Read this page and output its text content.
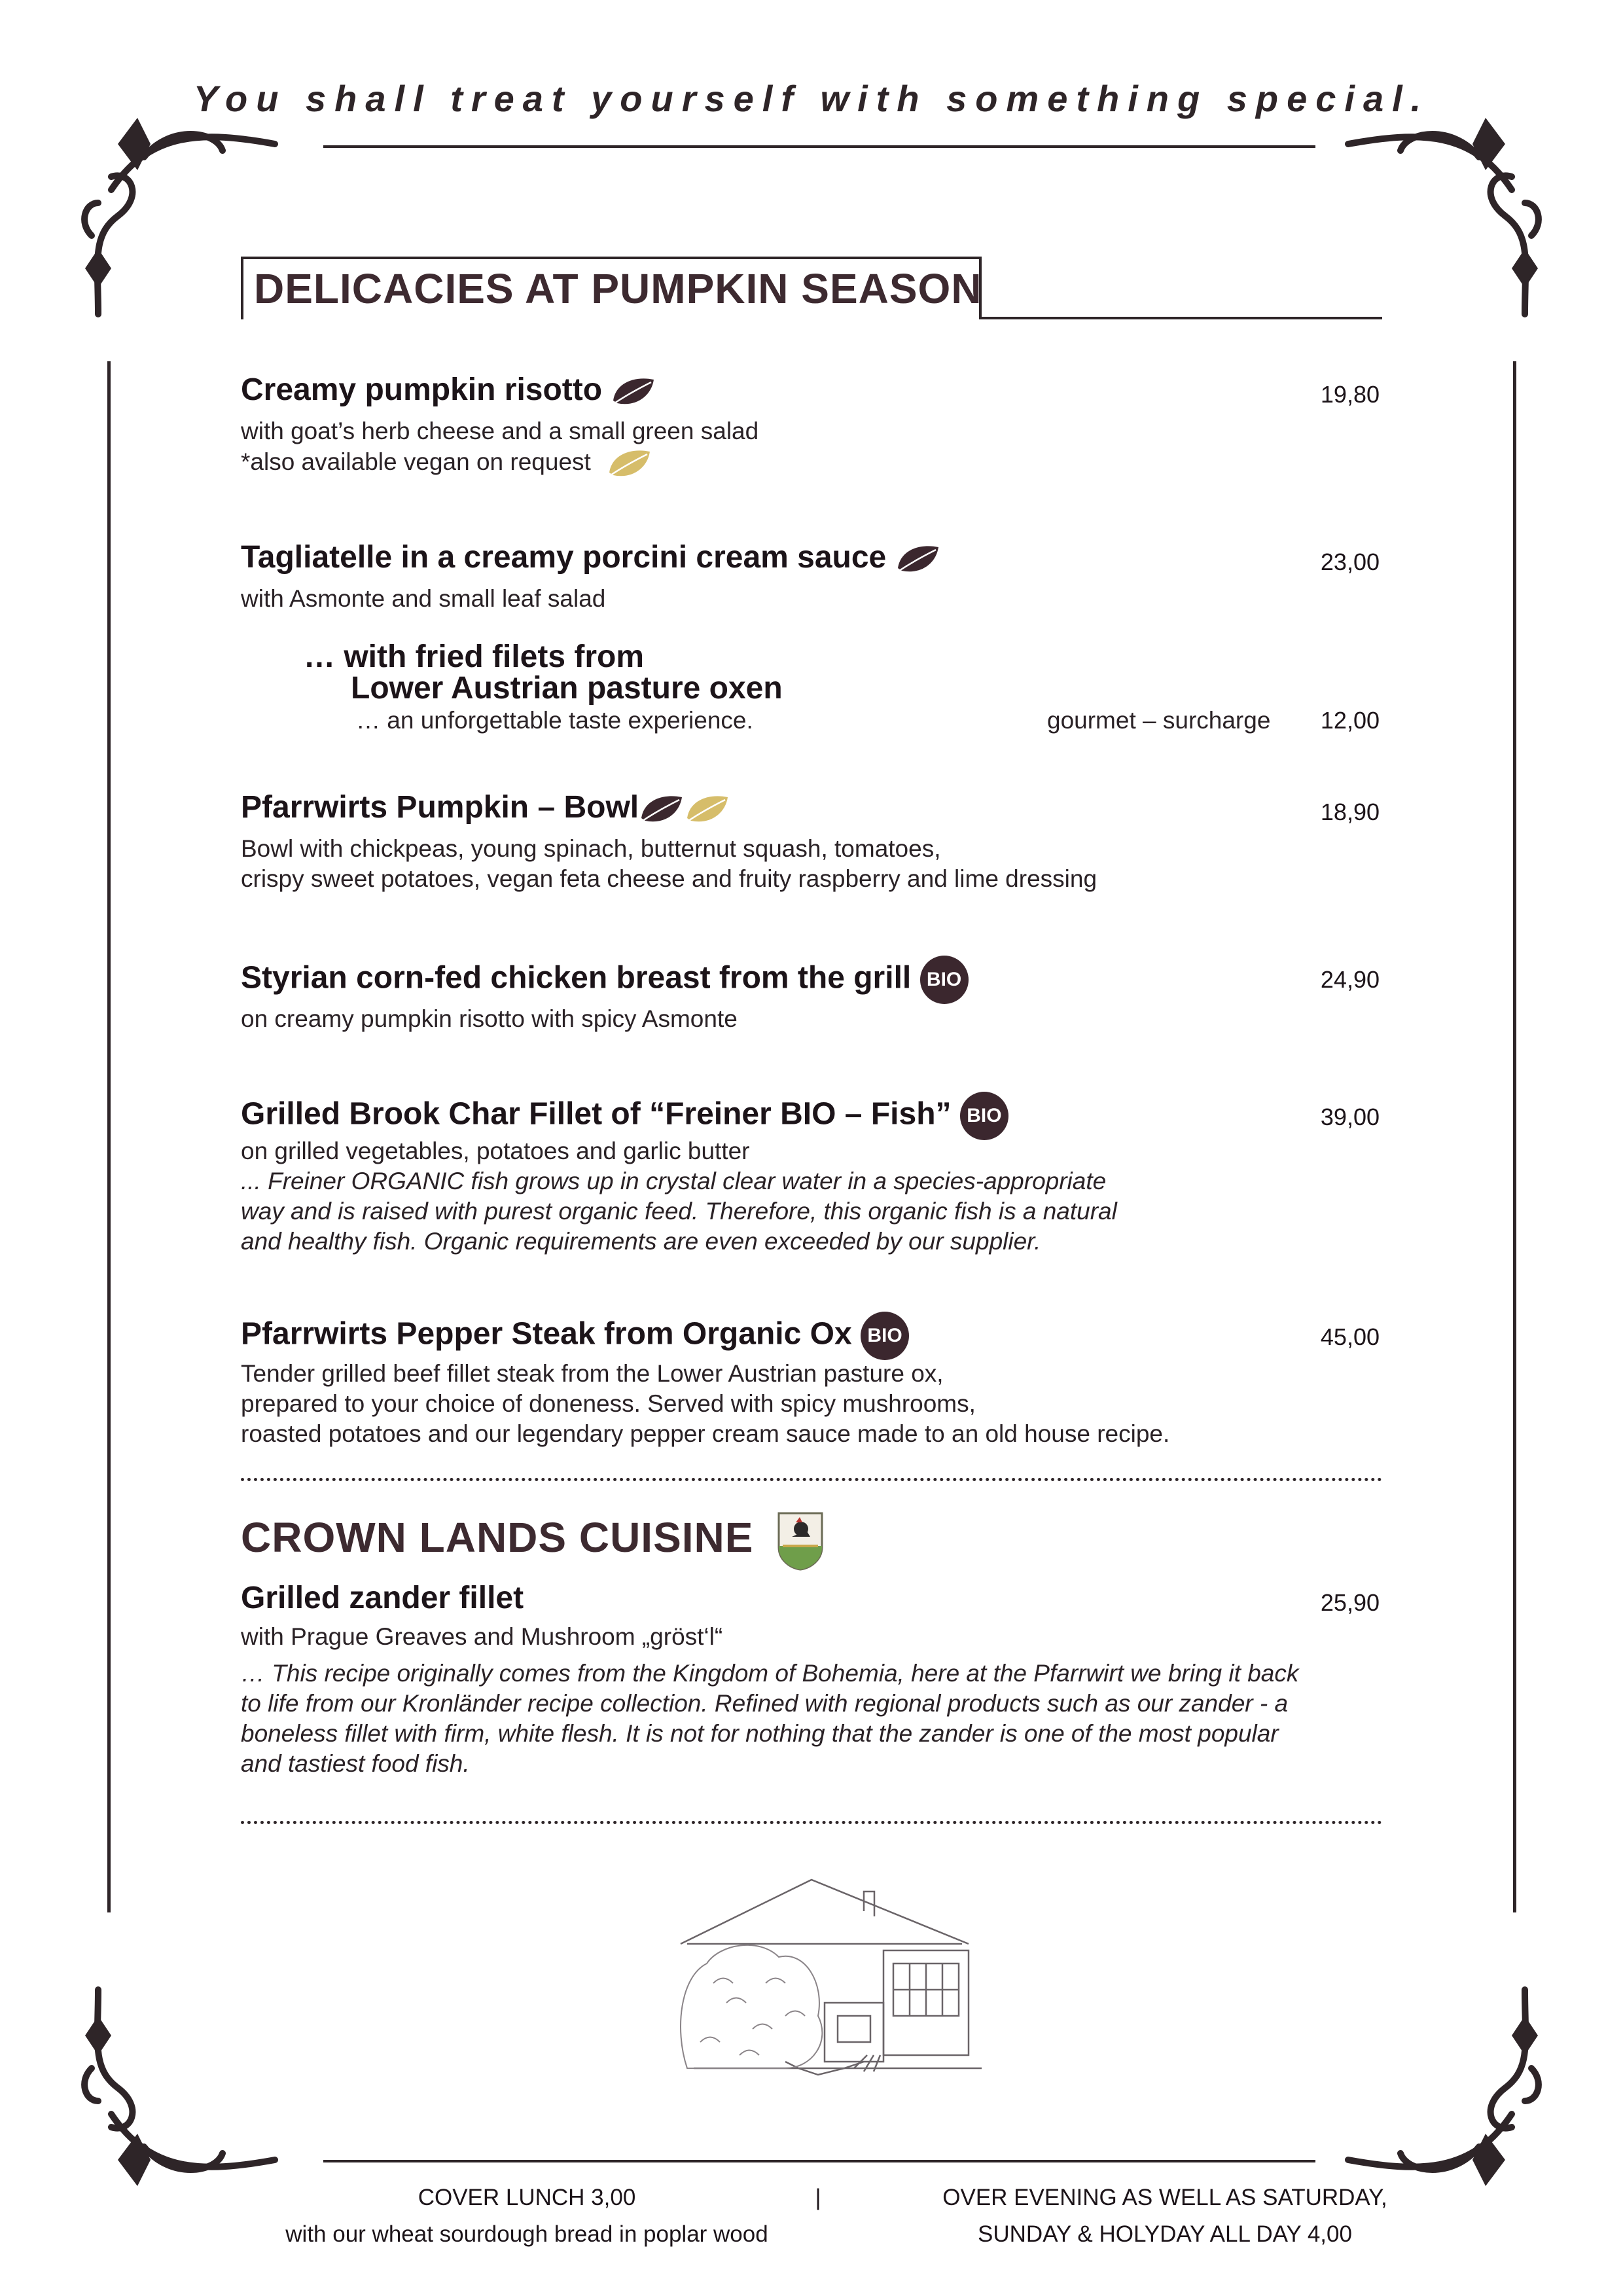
You shall treat yourself with something special.
DELICACIES AT PUMPKIN SEASON
Creamy pumpkin risotto	19,80
with goat’s herb cheese and a small green salad
*also available vegan on request
Tagliatelle in a creamy porcini cream sauce	23,00
with Asmonte and small leaf salad
… with fried filets from
Lower Austrian pasture oxen
… an unforgettable taste experience.	gourmet – surcharge	12,00
Pfarrwirts Pumpkin – Bowl	18,90
Bowl with chickpeas, young spinach, butternut squash, tomatoes,
crispy sweet potatoes, vegan feta cheese and fruity raspberry and lime dressing
Styrian corn-fed chicken breast from the grill BIO	24,90
on creamy pumpkin risotto with spicy Asmonte
Grilled Brook Char Fillet of “Freiner BIO – Fish” BIO	39,00
on grilled vegetables, potatoes and garlic butter
... Freiner ORGANIC fish grows up in crystal clear water in a species-appropriate
way and is raised with purest organic feed. Therefore, this organic fish is a natural
and healthy fish. Organic requirements are even exceeded by our supplier.
Pfarrwirts Pepper Steak from Organic Ox BIO	45,00
Tender grilled beef fillet steak from the Lower Austrian pasture ox,
prepared to your choice of doneness. Served with spicy mushrooms,
roasted potatoes and our legendary pepper cream sauce made to an old house recipe.
CROWN LANDS CUISINE
Grilled zander fillet	25,90
with Prague Greaves and Mushroom „gröst‘l“
… This recipe originally comes from the Kingdom of Bohemia, here at the Pfarrwirt we bring it back
to life from our Kronländer recipe collection. Refined with regional products such as our zander - a
boneless fillet with firm, white flesh. It is not for nothing that the zander is one of the most popular
and tastiest food fish.
COVER LUNCH 3,00
with our wheat sourdough bread in poplar wood
|	OVER EVENING AS WELL AS SATURDAY,
SUNDAY & HOLYDAY ALL DAY 4,00
